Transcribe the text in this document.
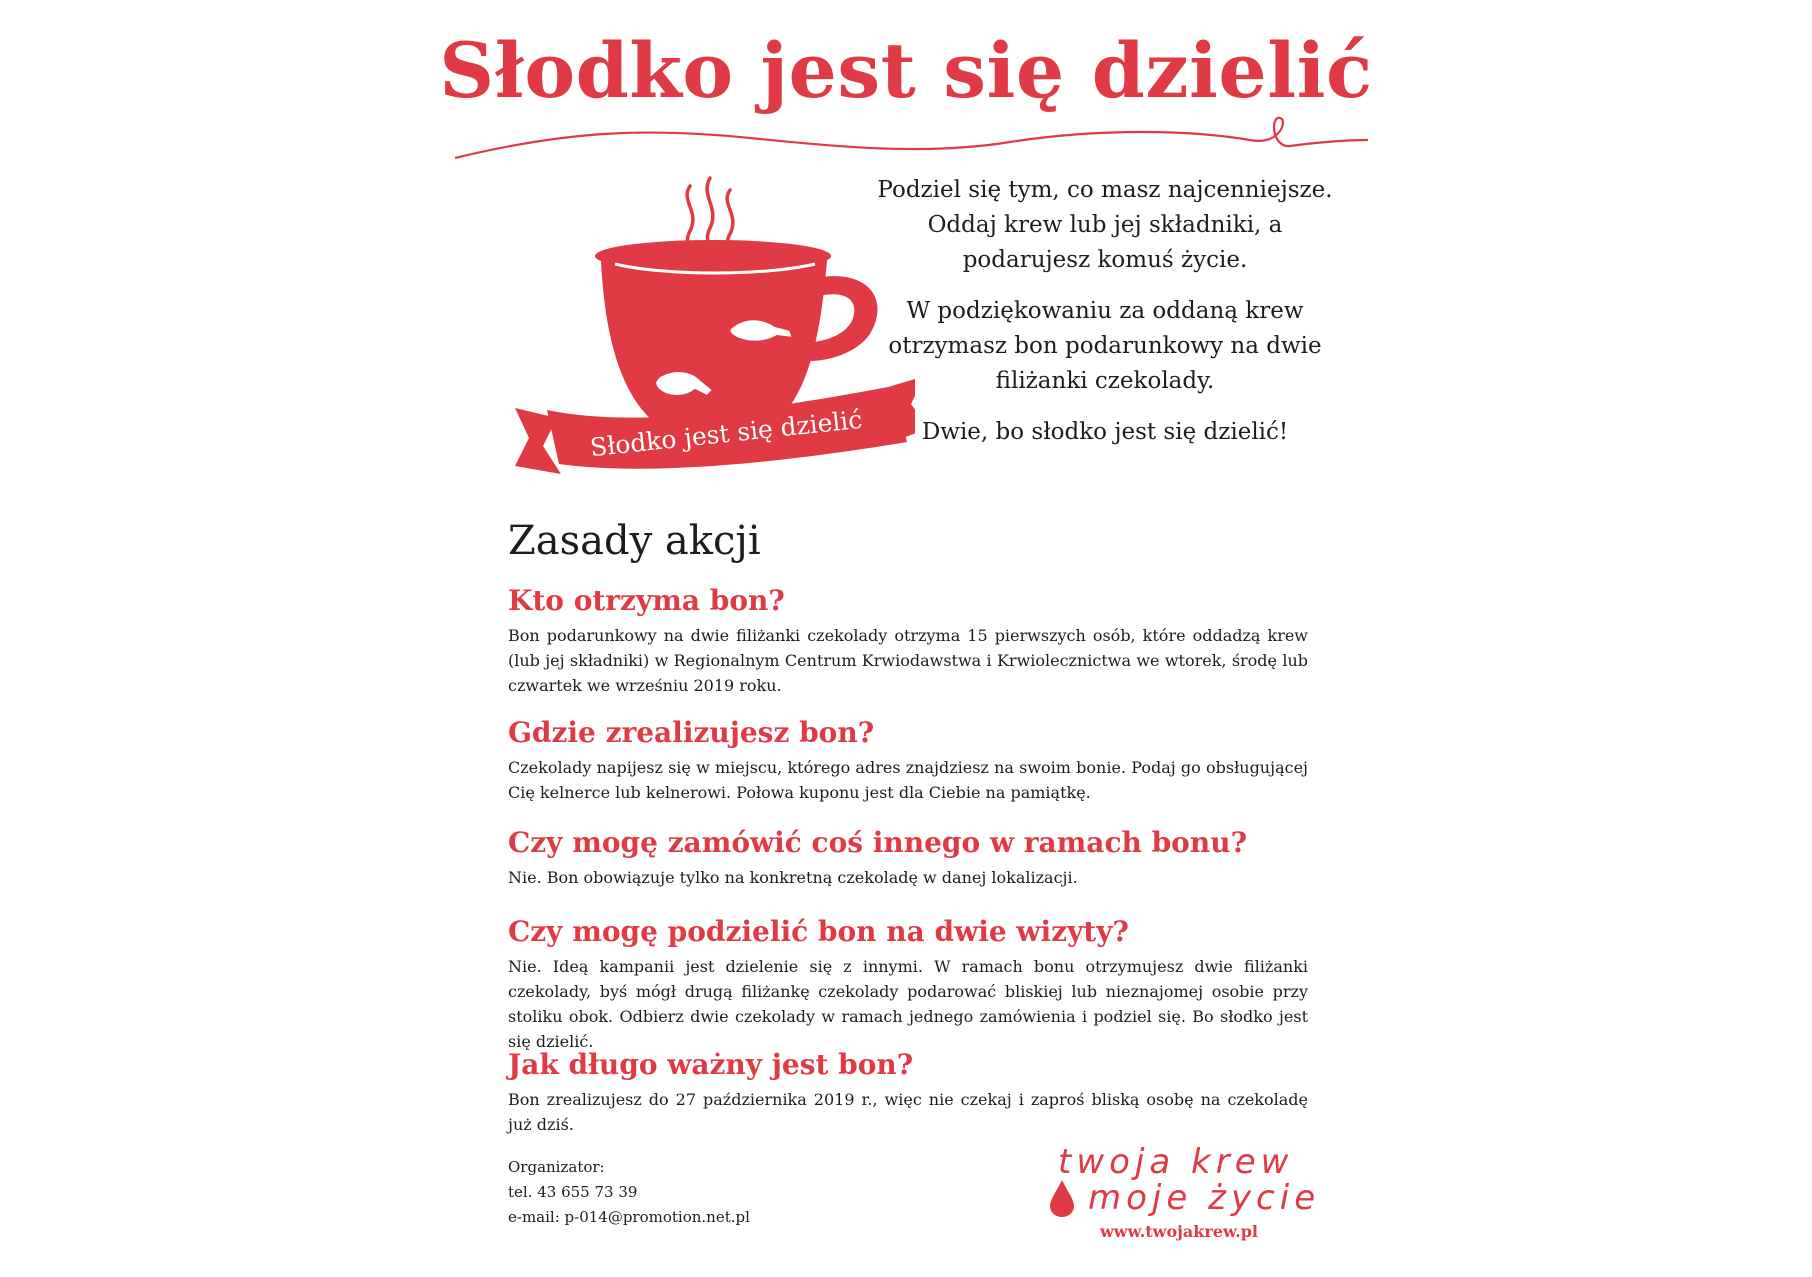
Słodko jest się dzielić
Słodko jest się dzielić

Podziel się tym, co masz najcenniejsze. Oddaj krew lub jej składniki, a podarujesz komuś życie.

W podziękowaniu za oddaną krew otrzymasz bon podarunkowy na dwie filiżanki czekolady.

Dwie, bo słodko jest się dzielić!

Zasady akcji
Kto otrzyma bon?

Bon podarunkowy na dwie filiżanki czekolady otrzyma 15 pierwszych osób, które oddadzą krew (lub jej składniki) w Regionalnym Centrum Krwiodawstwa i Krwiolecznictwa we wtorek, środę lub czwartek we wrześniu 2019 roku.

Gdzie zrealizujesz bon?

Czekolady napijesz się w miejscu, którego adres znajdziesz na swoim bonie. Podaj go obsługującej Cię kelnerce lub kelnerowi. Połowa kuponu jest dla Ciebie na pamiątkę.

Czy mogę zamówić coś innego w ramach bonu?

Nie. Bon obowiązuje tylko na konkretną czekoladę w danej lokalizacji.

Czy mogę podzielić bon na dwie wizyty?

Nie. Ideą kampanii jest dzielenie się z innymi. W ramach bonu otrzymujesz dwie filiżanki czekolady, byś mógł drugą filiżankę czekolady podarować bliskiej lub nieznajomej osobie przy stoliku obok. Odbierz dwie czekolady w ramach jednego zamówienia i podziel się. Bo słodko jest się dzielić.

Jak długo ważny jest bon?

Bon zrealizujesz do 27 października 2019 r., więc nie czekaj i zaproś bliską osobę na czekoladę już dziś.

Organizator:
tel. 43 655 73 39
e-mail: p-014@promotion.net.pl
twoja krew
moje życie
www.twojakrew.pl
